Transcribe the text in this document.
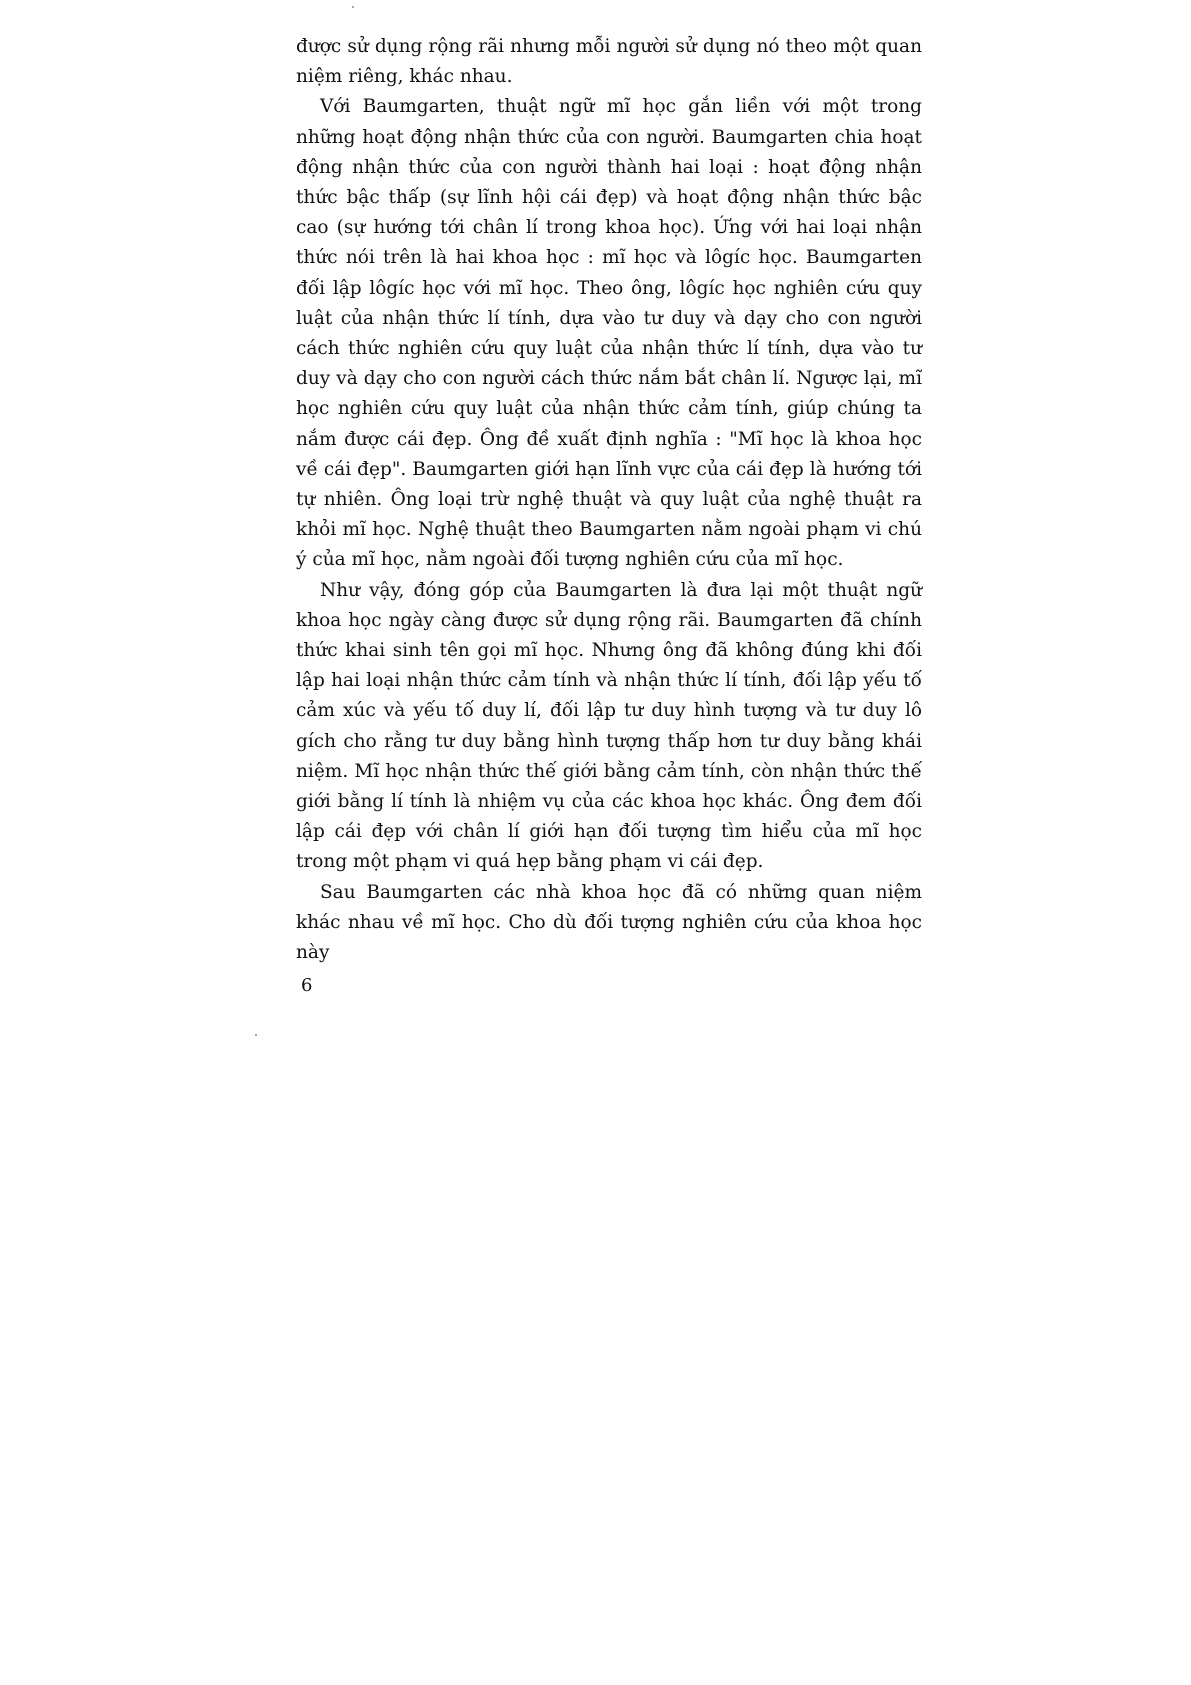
được sử dụng rộng rãi nhưng mỗi người sử dụng nó theo một quan niệm riêng, khác nhau.

Với Baumgarten, thuật ngữ mĩ học gắn liền với một trong những hoạt động nhận thức của con người. Baumgarten chia hoạt động nhận thức của con người thành hai loại : hoạt động nhận thức bậc thấp (sự lĩnh hội cái đẹp) và hoạt động nhận thức bậc cao (sự hướng tới chân lí trong khoa học). Ứng với hai loại nhận thức nói trên là hai khoa học : mĩ học và lôgíc học. Baumgarten đối lập lôgíc học với mĩ học. Theo ông, lôgíc học nghiên cứu quy luật của nhận thức lí tính, dựa vào tư duy và dạy cho con người cách thức nghiên cứu quy luật của nhận thức lí tính, dựa vào tư duy và dạy cho con người cách thức nắm bắt chân lí. Ngược lại, mĩ học nghiên cứu quy luật của nhận thức cảm tính, giúp chúng ta nắm được cái đẹp. Ông đề xuất định nghĩa : "Mĩ học là khoa học về cái đẹp". Baumgarten giới hạn lĩnh vực của cái đẹp là hướng tới tự nhiên. Ông loại trừ nghệ thuật và quy luật của nghệ thuật ra khỏi mĩ học. Nghệ thuật theo Baumgarten nằm ngoài phạm vi chú ý của mĩ học, nằm ngoài đối tượng nghiên cứu của mĩ học.

Như vậy, đóng góp của Baumgarten là đưa lại một thuật ngữ khoa học ngày càng được sử dụng rộng rãi. Baumgarten đã chính thức khai sinh tên gọi mĩ học. Nhưng ông đã không đúng khi đối lập hai loại nhận thức cảm tính và nhận thức lí tính, đối lập yếu tố cảm xúc và yếu tố duy lí, đối lập tư duy hình tượng và tư duy lô gích cho rằng tư duy bằng hình tượng thấp hơn tư duy bằng khái niệm. Mĩ học nhận thức thế giới bằng cảm tính, còn nhận thức thế giới bằng lí tính là nhiệm vụ của các khoa học khác. Ông đem đối lập cái đẹp với chân lí giới hạn đối tượng tìm hiểu của mĩ học trong một phạm vi quá hẹp bằng phạm vi cái đẹp.

Sau Baumgarten các nhà khoa học đã có những quan niệm khác nhau về mĩ học. Cho dù đối tượng nghiên cứu của khoa học này

6
